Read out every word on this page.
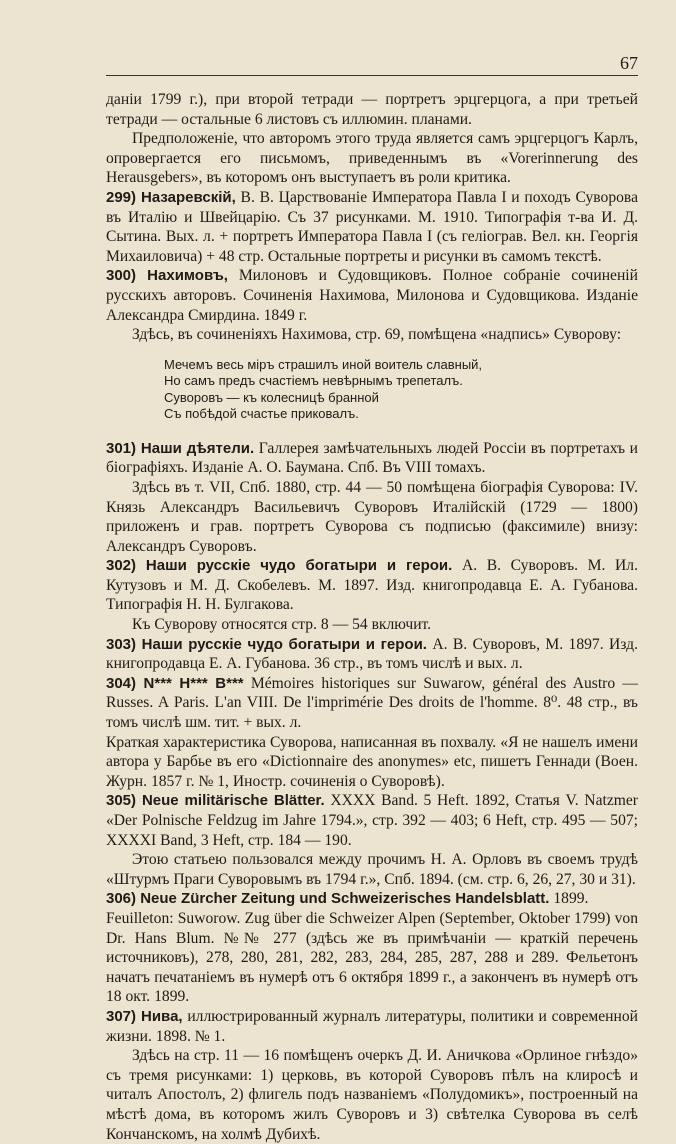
67

даніи 1799 г.), при второй тетради — портретъ эрцгерцога, а при третьей тетради — остальные 6 листовъ съ иллюмин. планами.

Предположеніе, что авторомъ этого труда является самъ эрцгерцогъ Карлъ, опровергается его письмомъ, приведеннымъ въ «Vorerinnerung des Herausgebers», въ которомъ онъ выступаетъ въ роли критика.

299) Назаревскій, В. В. Царствованіе Императора Павла I и походъ Суворова въ Италію и Швейцарію. Съ 37 рисунками. М. 1910. Типографія т-ва И. Д. Сытина. Вых. л. + портретъ Императора Павла I (съ геліограв. Вел. кн. Георгія Михаиловича) + 48 стр. Остальные портреты и рисунки въ самомъ текстѣ.

300) Нахимовъ, Милоновъ и Судовщиковъ. Полное собраніе сочиненій русскихъ авторовъ. Сочиненія Нахимова, Милонова и Судовщикова. Изданіе Александра Смирдина. 1849 г.

Здѣсь, въ сочиненіяхъ Нахимова, стр. 69, помѣщена «надпись» Суворову:

Мечемъ весь міръ страшилъ иной воитель славный,
Но самъ предъ счастіемъ невѣрнымъ трепеталъ.
Суворовъ — къ колесницѣ бранной
Съ побѣдой счастье приковалъ.

301) Наши дѣятели. Галлерея замѣчательныхъ людей Россіи въ портретахъ и біографіяхъ. Изданіе А. О. Баумана. Спб. Въ VIII томахъ.

Здѣсь въ т. VII, Спб. 1880, стр. 44 — 50 помѣщена біографія Суворова: IV. Князь Александръ Васильевичъ Суворовъ Италійскій (1729 — 1800) приложенъ и грав. портретъ Суворова съ подписью (факсимиле) внизу: Александръ Суворовъ.

302) Наши русскіе чудо богатыри и герои. А. В. Суворовъ. М. Ил. Кутузовъ и М. Д. Скобелевъ. М. 1897. Изд. книгопродавца Е. А. Губанова. Типографія Н. Н. Булгакова.

Къ Суворову относятся стр. 8 — 54 включит.

303) Наши русскіе чудо богатыри и герои. А. В. Суворовъ, М. 1897. Изд. книгопродавца Е. А. Губанова. 36 стр., въ томъ числѣ и вых. л.

304) N*** H*** B*** Mémoires historiques sur Suwarow, général des Austro — Russes. A Paris. L'an VIII. De l'imprimérie Des droits de l'homme. 8⁰. 48 стр., въ томъ числѣ шм. тит. + вых. л.

Краткая характеристика Суворова, написанная въ похвалу. «Я не нашелъ имени автора у Барбье въ его «Dictionnaire des anonymes» etc, пишетъ Геннади (Воен. Журн. 1857 г. № 1, Иностр. сочиненія о Суворовѣ).

305) Neue militärische Blätter. XXXX Band. 5 Heft. 1892, Статья V. Natzmer «Der Polnische Feldzug im Jahre 1794.», стр. 392 — 403; 6 Heft, стр. 495 — 507; XXXXI Band, 3 Heft, стр. 184 — 190.

Этою статьею пользовался между прочимъ Н. А. Орловъ въ своемъ трудѣ «Штурмъ Праги Суворовымъ въ 1794 г.», Спб. 1894. (см. стр. 6, 26, 27, 30 и 31).

306) Neue Zürcher Zeitung und Schweizerisches Handelsblatt. 1899.

Feuilleton: Suworow. Zug über die Schweizer Alpen (September, Oktober 1799) von Dr. Hans Blum. №№ 277 (здѣсь же въ примѣчаніи — краткій перечень источниковъ), 278, 280, 281, 282, 283, 284, 285, 287, 288 и 289. Фельетонъ начатъ печатаніемъ въ нумерѣ отъ 6 октября 1899 г., а законченъ въ нумерѣ отъ 18 окт. 1899.

307) Нива, иллюстрированный журналъ литературы, политики и современной жизни. 1898. № 1.

Здѣсь на стр. 11 — 16 помѣщенъ очеркъ Д. И. Аничкова «Орлиное гнѣздо» съ тремя рисунками: 1) церковь, въ которой Суворовъ пѣлъ на клиросѣ и читалъ Апостолъ, 2) флигель подъ названіемъ «Полудомикъ», построенный на мѣстѣ дома, въ которомъ жилъ Суворовъ и 3) свѣтелка Суворова въ селѣ Кончанскомъ, на холмѣ Дубихѣ.
